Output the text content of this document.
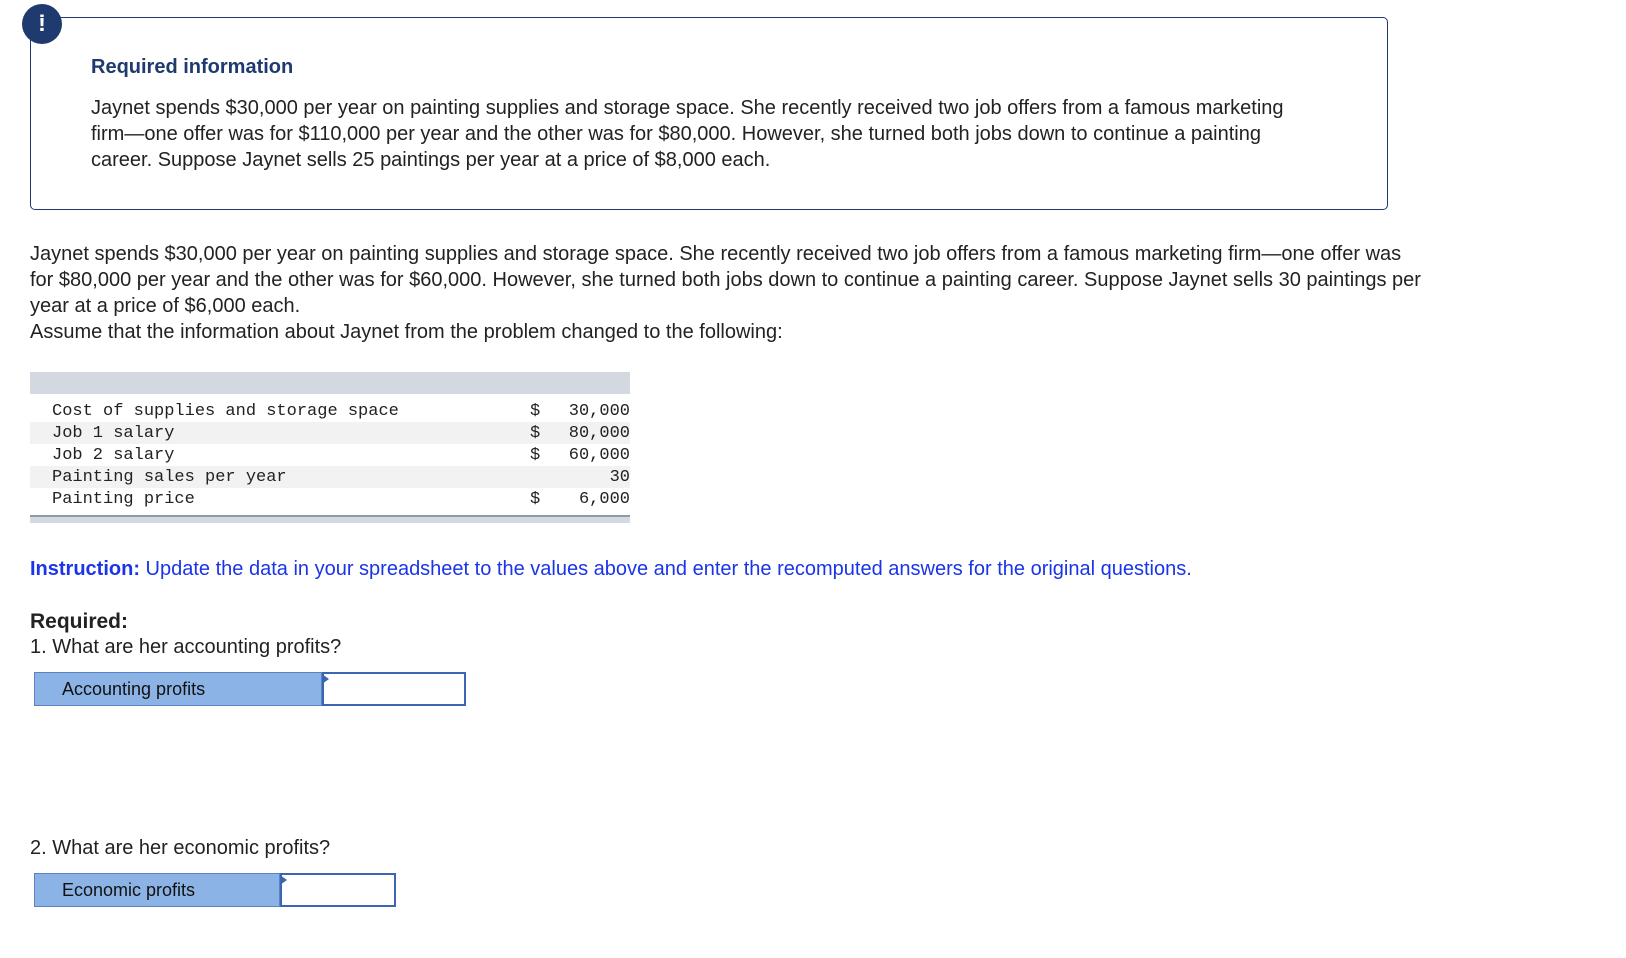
!
Required information
Jaynet spends $30,000 per year on painting supplies and storage space. She recently received two job offers from a famous marketing firm—one offer was for $110,000 per year and the other was for $80,000. However, she turned both jobs down to continue a painting career. Suppose Jaynet sells 25 paintings per year at a price of $8,000 each.

Jaynet spends $30,000 per year on painting supplies and storage space. She recently received two job offers from a famous marketing firm—one offer was for $80,000 per year and the other was for $60,000. However, she turned both jobs down to continue a painting career. Suppose Jaynet sells 30 paintings per year at a price of $6,000 each.

Assume that the information about Jaynet from the problem changed to the following:

Cost of supplies and storage space	$ 30,000
Job 1 salary	$ 80,000
Job 2 salary	$ 60,000
Painting sales per year	30
Painting price	$ 6,000
Instruction: Update the data in your spreadsheet to the values above and enter the recomputed answers for the original questions.
Required:
1. What are her accounting profits?
Accounting profits
2. What are her economic profits?
Economic profits
